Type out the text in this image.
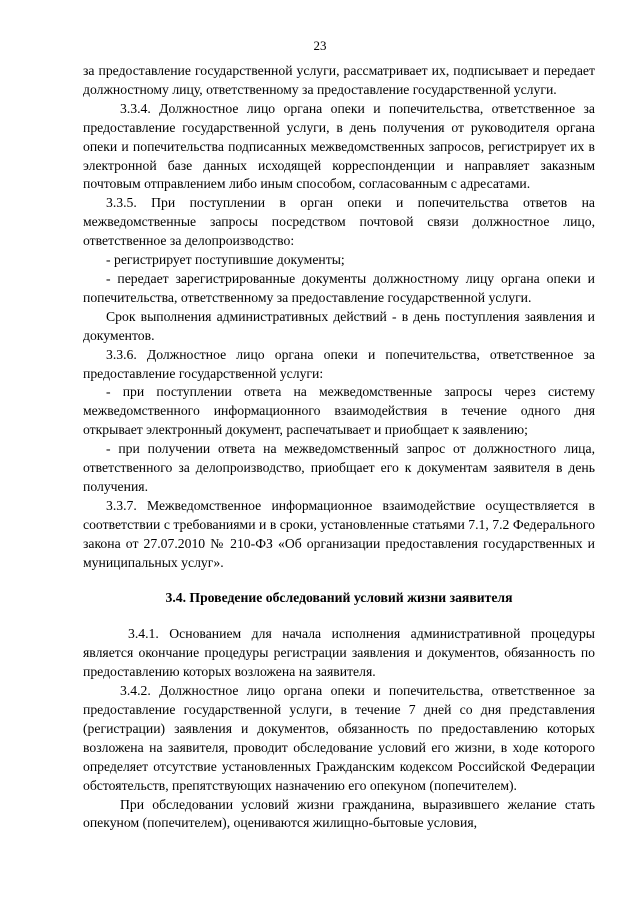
23

за предоставление государственной услуги, рассматривает их, подписывает и передает должностному лицу, ответственному за предоставление государственной услуги.

3.3.4. Должностное лицо органа опеки и попечительства, ответственное за предоставление государственной услуги, в день получения от руководителя органа опеки и попечительства подписанных межведомственных запросов, регистрирует их в электронной базе данных исходящей корреспонденции и направляет заказным почтовым отправлением либо иным способом, согласованным с адресатами.

3.3.5. При поступлении в орган опеки и попечительства ответов на межведомственные запросы посредством почтовой связи должностное лицо, ответственное за делопроизводство:

- регистрирует поступившие документы;

- передает зарегистрированные документы должностному лицу органа опеки и попечительства, ответственному за предоставление государственной услуги.

Срок выполнения административных действий - в день поступления заявления и документов.

3.3.6. Должностное лицо органа опеки и попечительства, ответственное за предоставление государственной услуги:

- при поступлении ответа на межведомственные запросы через систему межведомственного информационного взаимодействия в течение одного дня открывает электронный документ, распечатывает и приобщает к заявлению;

- при получении ответа на межведомственный запрос от должностного лица, ответственного за делопроизводство, приобщает его к документам заявителя в день получения.

3.3.7. Межведомственное информационное взаимодействие осуществляется в соответствии с требованиями и в сроки, установленные статьями 7.1, 7.2 Федерального закона от 27.07.2010 № 210-ФЗ «Об организации предоставления государственных и муниципальных услуг».

3.4. Проведение обследований условий жизни заявителя

3.4.1. Основанием для начала исполнения административной процедуры является окончание процедуры регистрации заявления и документов, обязанность по предоставлению которых возложена на заявителя.

3.4.2. Должностное лицо органа опеки и попечительства, ответственное за предоставление государственной услуги, в течение 7 дней со дня представления (регистрации) заявления и документов, обязанность по предоставлению которых возложена на заявителя, проводит обследование условий его жизни, в ходе которого определяет отсутствие установленных Гражданским кодексом Российской Федерации обстоятельств, препятствующих назначению его опекуном (попечителем).

При обследовании условий жизни гражданина, выразившего желание стать опекуном (попечителем), оцениваются жилищно-бытовые условия,
